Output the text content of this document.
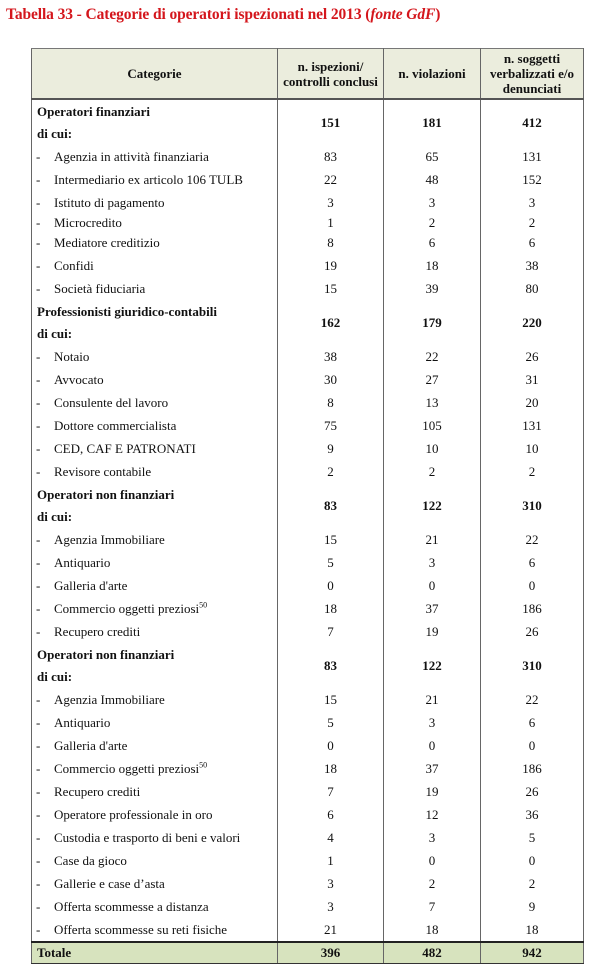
Tabella 33 - Categorie di operatori ispezionati nel 2013 (fonte GdF)
Categorie	n. ispezioni/ controlli conclusi	n. violazioni	n. soggetti verbalizzati e/o denunciati
Operatori finanziari
di cui:	151	181	412
- Agenzia in attività finanziaria	83	65	131
- Intermediario ex articolo 106 TULB	22	48	152
- Istituto di pagamento	3	3	3
- Microcredito	1	2	2
- Mediatore creditizio	8	6	6
- Confidi	19	18	38
- Società fiduciaria	15	39	80
Professionisti giuridico-contabili
di cui:	162	179	220
- Notaio	38	22	26
- Avvocato	30	27	31
- Consulente del lavoro	8	13	20
- Dottore commercialista	75	105	131
- CED, CAF E PATRONATI	9	10	10
- Revisore contabile	2	2	2
Operatori non finanziari
di cui:	83	122	310
- Agenzia Immobiliare	15	21	22
- Antiquario	5	3	6
- Galleria d'arte	0	0	0
- Commercio oggetti preziosi$^{50}$	18	37	186
- Recupero crediti	7	19	26
Operatori non finanziari
di cui:	83	122	310
- Agenzia Immobiliare	15	21	22
- Antiquario	5	3	6
- Galleria d'arte	0	0	0
- Commercio oggetti preziosi$^{50}$	18	37	186
- Recupero crediti	7	19	26
- Operatore professionale in oro	6	12	36
- Custodia e trasporto di beni e valori	4	3	5
- Case da gioco	1	0	0
- Gallerie e case d’asta	3	2	2
- Offerta scommesse a distanza	3	7	9
- Offerta scommesse su reti fisiche	21	18	18
Totale	396	482	942
